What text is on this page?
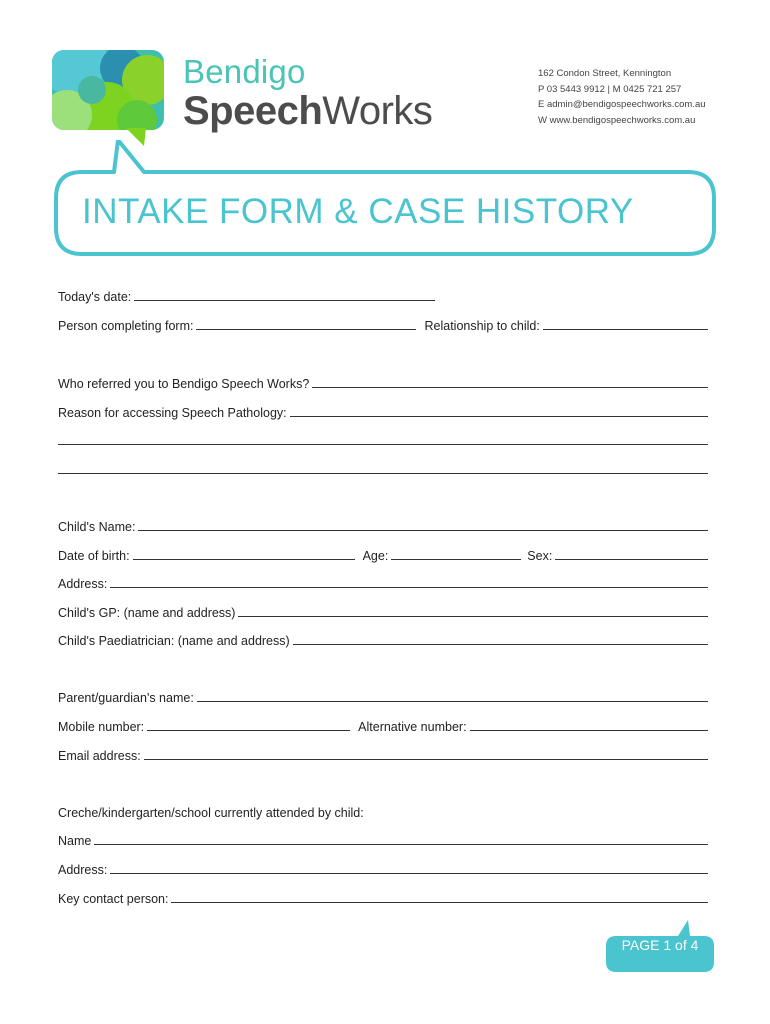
Bendigo
SpeechWorks
162 Condon Street, Kennington
P 03 5443 9912 | M 0425 721 257
E admin@bendigospeechworks.com.au
W www.bendigospeechworks.com.au
INTAKE FORM & CASE HISTORY
Today's date:
Person completing form:	Relationship to child:
Who referred you to Bendigo Speech Works?
Reason for accessing Speech Pathology:
Child's Name:
Date of birth:	Age:	Sex:
Address:
Child's GP: (name and address)
Child's Paediatrician: (name and address)
Parent/guardian's name:
Mobile number:	Alternative number:
Email address:
Creche/kindergarten/school currently attended by child:
Name
Address:
Key contact person:
PAGE 1 of 4
